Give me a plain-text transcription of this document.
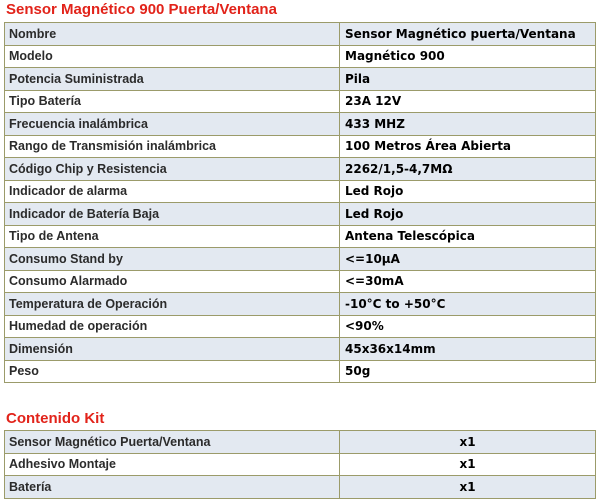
Sensor Magnético 900 Puerta/Ventana
Nombre	Sensor Magnético puerta/Ventana
Modelo	Magnético 900
Potencia Suministrada	Pila
Tipo Batería	23A 12V
Frecuencia inalámbrica	433 MHZ
Rango de Transmisión inalámbrica	100 Metros Área Abierta
Código Chip y Resistencia	2262/1,5-4,7MΩ
Indicador de alarma	Led Rojo
Indicador de Batería Baja	Led Rojo
Tipo de Antena	Antena Telescópica
Consumo Stand by	<=10μA
Consumo Alarmado	<=30mA
Temperatura de Operación	-10°C to +50°C
Humedad de operación	<90%
Dimensión	45x36x14mm
Peso	50g
Contenido Kit
Sensor Magnético Puerta/Ventana	x1
Adhesivo Montaje	x1
Batería	x1
